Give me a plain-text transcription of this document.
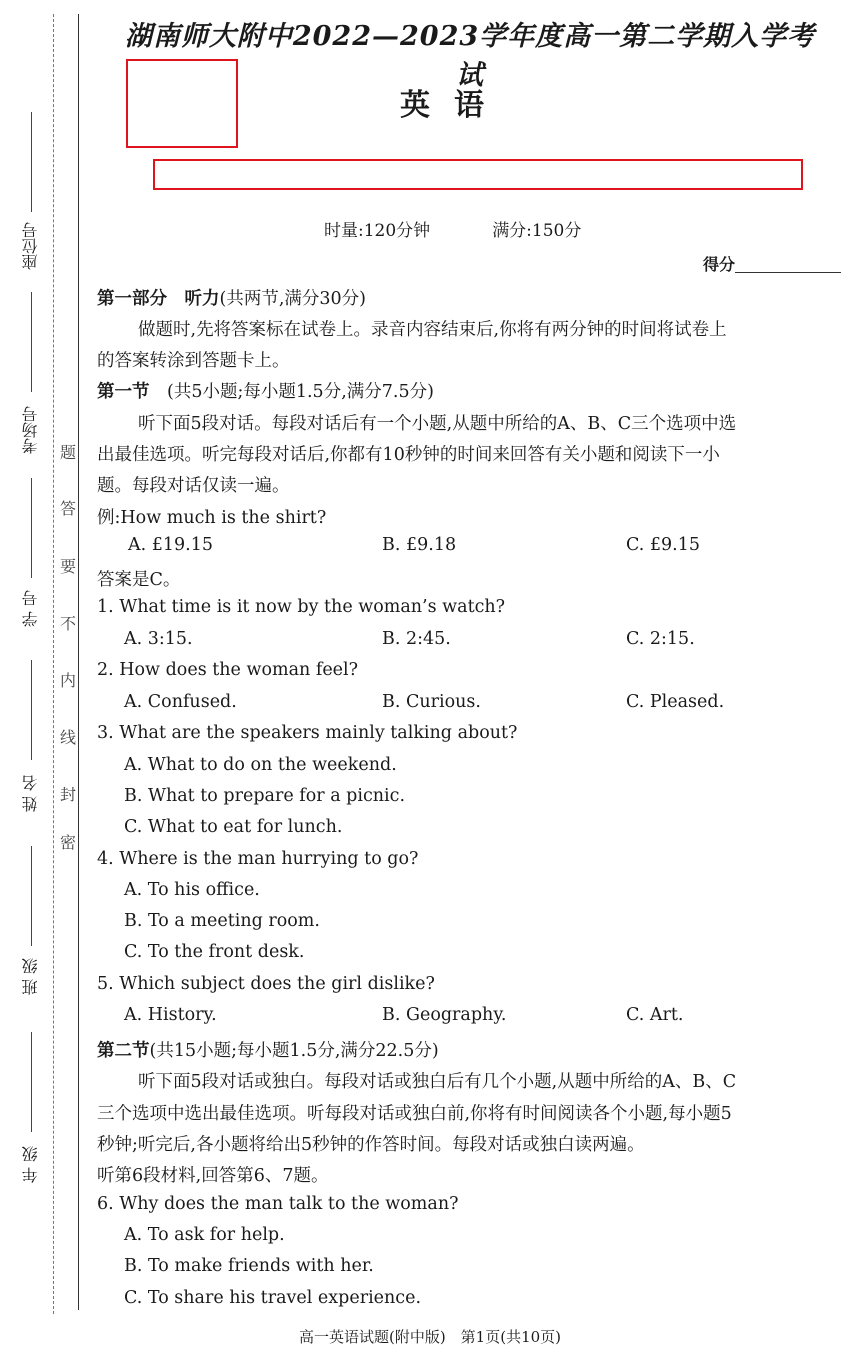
座位号
考场号
学 号
姓 名
班 级
年 级
题
答
要
不
内
线
封
密
湖南师大附中2022—2023学年度高一第二学期入学考试
英语
时量:120分钟	满分:150分
得分
第一部分　听力(共两节,满分30分)
做题时,先将答案标在试卷上。录音内容结束后,你将有两分钟的时间将试卷上
的答案转涂到答题卡上。
第一节　(共5小题;每小题1.5分,满分7.5分)
听下面5段对话。每段对话后有一个小题,从题中所给的A、B、C三个选项中选
出最佳选项。听完每段对话后,你都有10秒钟的时间来回答有关小题和阅读下一小
题。每段对话仅读一遍。
例:How much is the shirt?
A. £19.15	B. £9.18	C. £9.15
答案是C。
1. What time is it now by the woman’s watch?
A. 3:15.	B. 2:45.	C. 2:15.
2. How does the woman feel?
A. Confused.	B. Curious.	C. Pleased.
3. What are the speakers mainly talking about?
A. What to do on the weekend.
B. What to prepare for a picnic.
C. What to eat for lunch.
4. Where is the man hurrying to go?
A. To his office.
B. To a meeting room.
C. To the front desk.
5. Which subject does the girl dislike?
A. History.	B. Geography.	C. Art.
第二节(共15小题;每小题1.5分,满分22.5分)
听下面5段对话或独白。每段对话或独白后有几个小题,从题中所给的A、B、C
三个选项中选出最佳选项。听每段对话或独白前,你将有时间阅读各个小题,每小题5
秒钟;听完后,各小题将给出5秒钟的作答时间。每段对话或独白读两遍。
听第6段材料,回答第6、7题。
6. Why does the man talk to the woman?
A. To ask for help.
B. To make friends with her.
C. To share his travel experience.
高一英语试题(附中版)　第1页(共10页)
